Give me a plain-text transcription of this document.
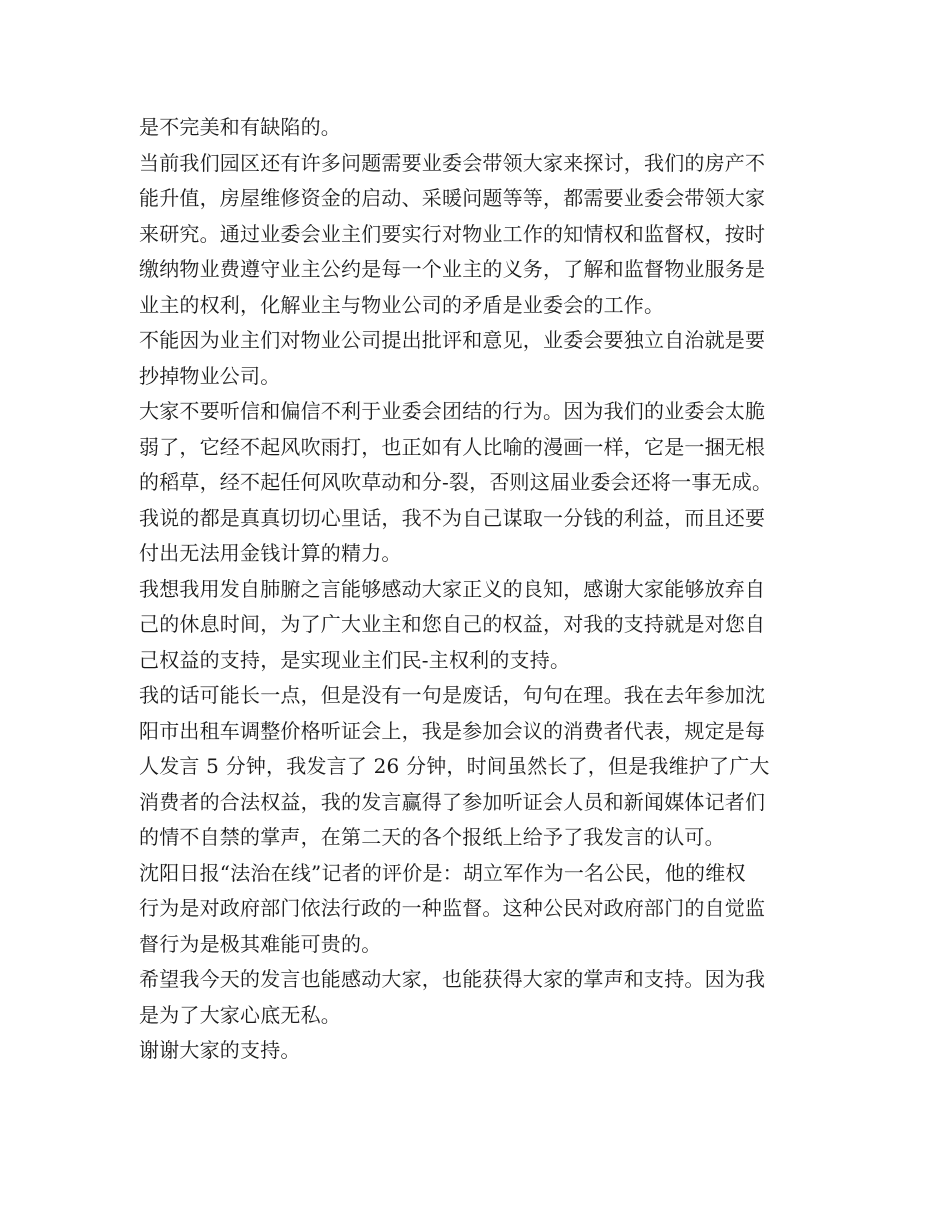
是不完美和有缺陷的。
当前我们园区还有许多问题需要业委会带领大家来探讨，我们的房产不
能升值，房屋维修资金的启动、采暖问题等等，都需要业委会带领大家
来研究。通过业委会业主们要实行对物业工作的知情权和监督权，按时
缴纳物业费遵守业主公约是每一个业主的义务，了解和监督物业服务是
业主的权利，化解业主与物业公司的矛盾是业委会的工作。
不能因为业主们对物业公司提出批评和意见，业委会要独立自治就是要
抄掉物业公司。
大家不要听信和偏信不利于业委会团结的行为。因为我们的业委会太脆
弱了，它经不起风吹雨打，也正如有人比喻的漫画一样，它是一捆无根
的稻草，经不起任何风吹草动和分-裂，否则这届业委会还将一事无成。
我说的都是真真切切心里话，我不为自己谋取一分钱的利益，而且还要
付出无法用金钱计算的精力。
我想我用发自肺腑之言能够感动大家正义的良知，感谢大家能够放弃自
己的休息时间，为了广大业主和您自己的权益，对我的支持就是对您自
己权益的支持，是实现业主们民-主权利的支持。
我的话可能长一点，但是没有一句是废话，句句在理。我在去年参加沈
阳市出租车调整价格听证会上，我是参加会议的消费者代表，规定是每
人发言 5 分钟，我发言了 26 分钟，时间虽然长了，但是我维护了广大
消费者的合法权益，我的发言赢得了参加听证会人员和新闻媒体记者们
的情不自禁的掌声，在第二天的各个报纸上给予了我发言的认可。
沈阳日报“法治在线”记者的评价是：胡立军作为一名公民，他的维权
行为是对政府部门依法行政的一种监督。这种公民对政府部门的自觉监
督行为是极其难能可贵的。
希望我今天的发言也能感动大家，也能获得大家的掌声和支持。因为我
是为了大家心底无私。
谢谢大家的支持。
